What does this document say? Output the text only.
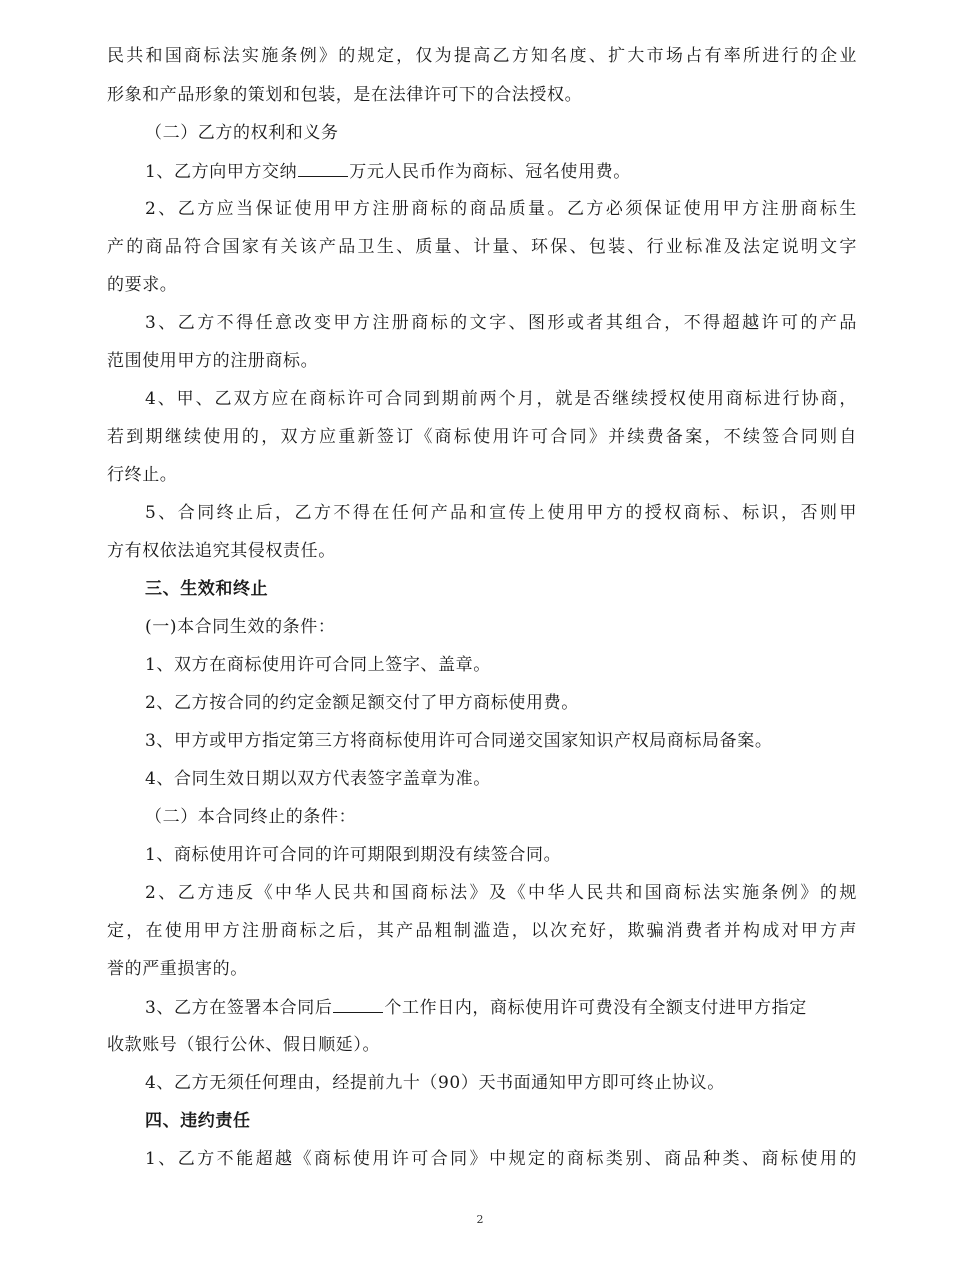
民共和国商标法实施条例》的规定，仅为提高乙方知名度、扩大市场占有率所进行的企业
形象和产品形象的策划和包装，是在法律许可下的合法授权。
（二）乙方的权利和义务
1、乙方向甲方交纳	万元人民币作为商标、冠名使用费。
2、乙方应当保证使用甲方注册商标的商品质量。乙方必须保证使用甲方注册商标生
产的商品符合国家有关该产品卫生、质量、计量、环保、包装、行业标准及法定说明文字
的要求。
3、乙方不得任意改变甲方注册商标的文字、图形或者其组合，不得超越许可的产品
范围使用甲方的注册商标。
4、甲、乙双方应在商标许可合同到期前两个月，就是否继续授权使用商标进行协商，
若到期继续使用的，双方应重新签订《商标使用许可合同》并续费备案，不续签合同则自
行终止。
5、合同终止后，乙方不得在任何产品和宣传上使用甲方的授权商标、标识，否则甲
方有权依法追究其侵权责任。
三、生效和终止
(一)本合同生效的条件：
1、双方在商标使用许可合同上签字、盖章。
2、乙方按合同的约定金额足额交付了甲方商标使用费。
3、甲方或甲方指定第三方将商标使用许可合同递交国家知识产权局商标局备案。
4、合同生效日期以双方代表签字盖章为准。
（二）本合同终止的条件：
1、商标使用许可合同的许可期限到期没有续签合同。
2、乙方违反《中华人民共和国商标法》及《中华人民共和国商标法实施条例》的规
定，在使用甲方注册商标之后，其产品粗制滥造，以次充好，欺骗消费者并构成对甲方声
誉的严重损害的。
3、乙方在签署本合同后	个工作日内，商标使用许可费没有全额支付进甲方指定
收款账号（银行公休、假日顺延）。
4、乙方无须任何理由，经提前九十（90）天书面通知甲方即可终止协议。
四、违约责任
1、乙方不能超越《商标使用许可合同》中规定的商标类别、商品种类、商标使用的
2
